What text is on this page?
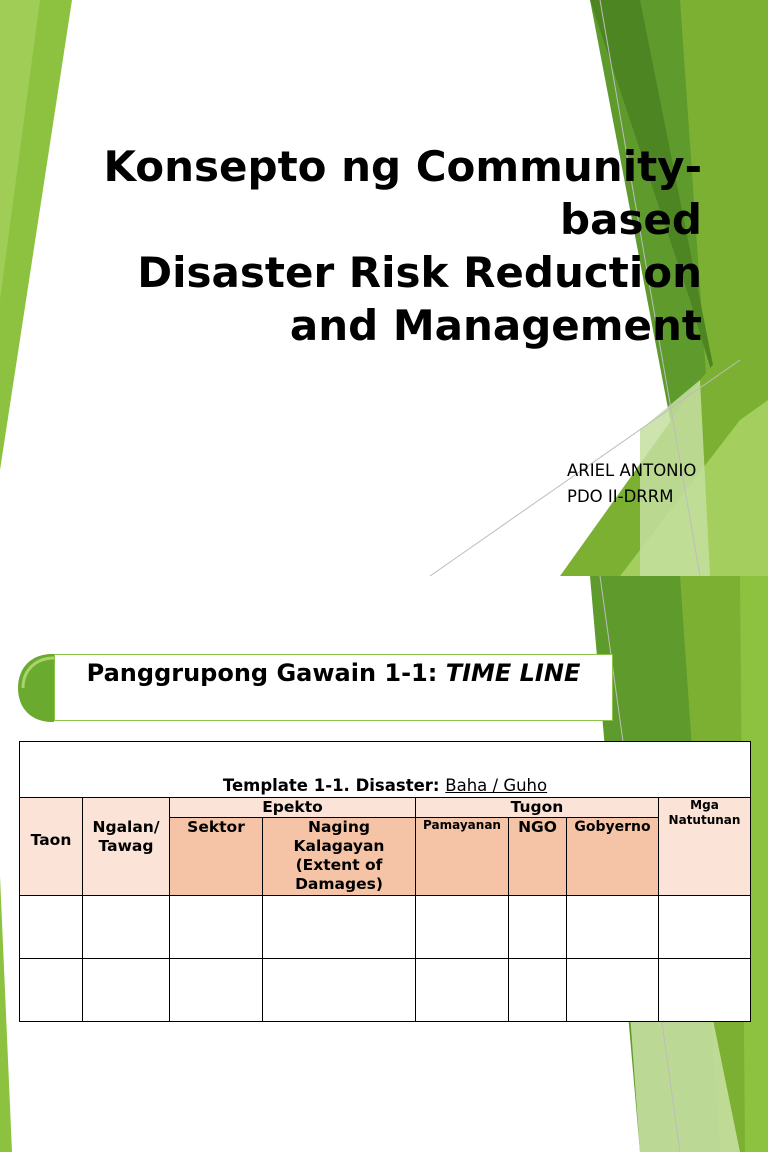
Konsepto ng Community-
based
Disaster Risk Reduction
and Management
ARIEL ANTONIO
PDO II-DRRM
Panggrupong Gawain 1-1: TIME LINE
Template 1-1. Disaster: Baha / Guho							
Taon	Ngalan/ Tawag	Epekto		Tugon			Mga Natutunan
		Sektor	Naging Kalagayan (Extent of Damages)	Pamayanan	NGO	Gobyerno	
